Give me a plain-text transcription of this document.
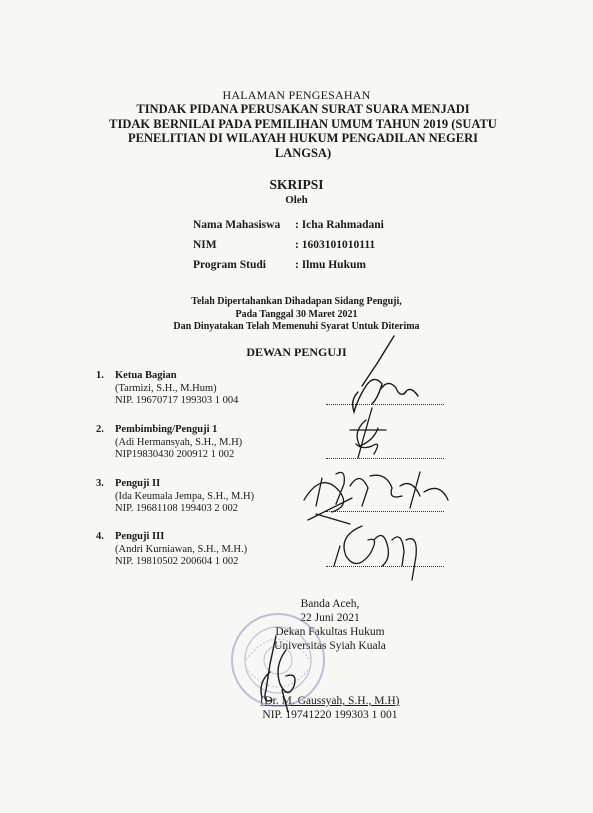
HALAMAN PENGESAHAN
TINDAK PIDANA PERUSAKAN SURAT SUARA MENJADI
TIDAK BERNILAI PADA PEMILIHAN UMUM TAHUN 2019 (SUATU
PENELITIAN DI WILAYAH HUKUM PENGADILAN NEGERI
LANGSA)
SKRIPSI
Oleh
Nama Mahasiswa	: Icha Rahmadani
NIM	: 1603101010111
Program Studi	: Ilmu Hukum
Telah Dipertahankan Dihadapan Sidang Penguji,
Pada Tanggal 30 Maret 2021
Dan Dinyatakan Telah Memenuhi Syarat Untuk Diterima
DEWAN PENGUJI
1. Ketua Bagian
(Tarmizi, S.H., M.Hum)
NIP. 19670717 199303 1 004
2. Pembimbing/Penguji 1
(Adi Hermansyah, S.H., M.H)
NIP19830430 200912 1 002
3. Penguji II
(Ida Keumala Jempa, S.H., M.H)
NIP. 19681108 199403 2 002
4. Penguji III
(Andri Kurniawan, S.H., M.H.)
NIP. 19810502 200604 1 002
Banda Aceh,
22 Juni 2021
Dekan Fakultas Hukum
Universitas Syiah Kuala
(Dr. M. Gaussyah, S.H., M.H)
NIP. 19741220 199303 1 001
